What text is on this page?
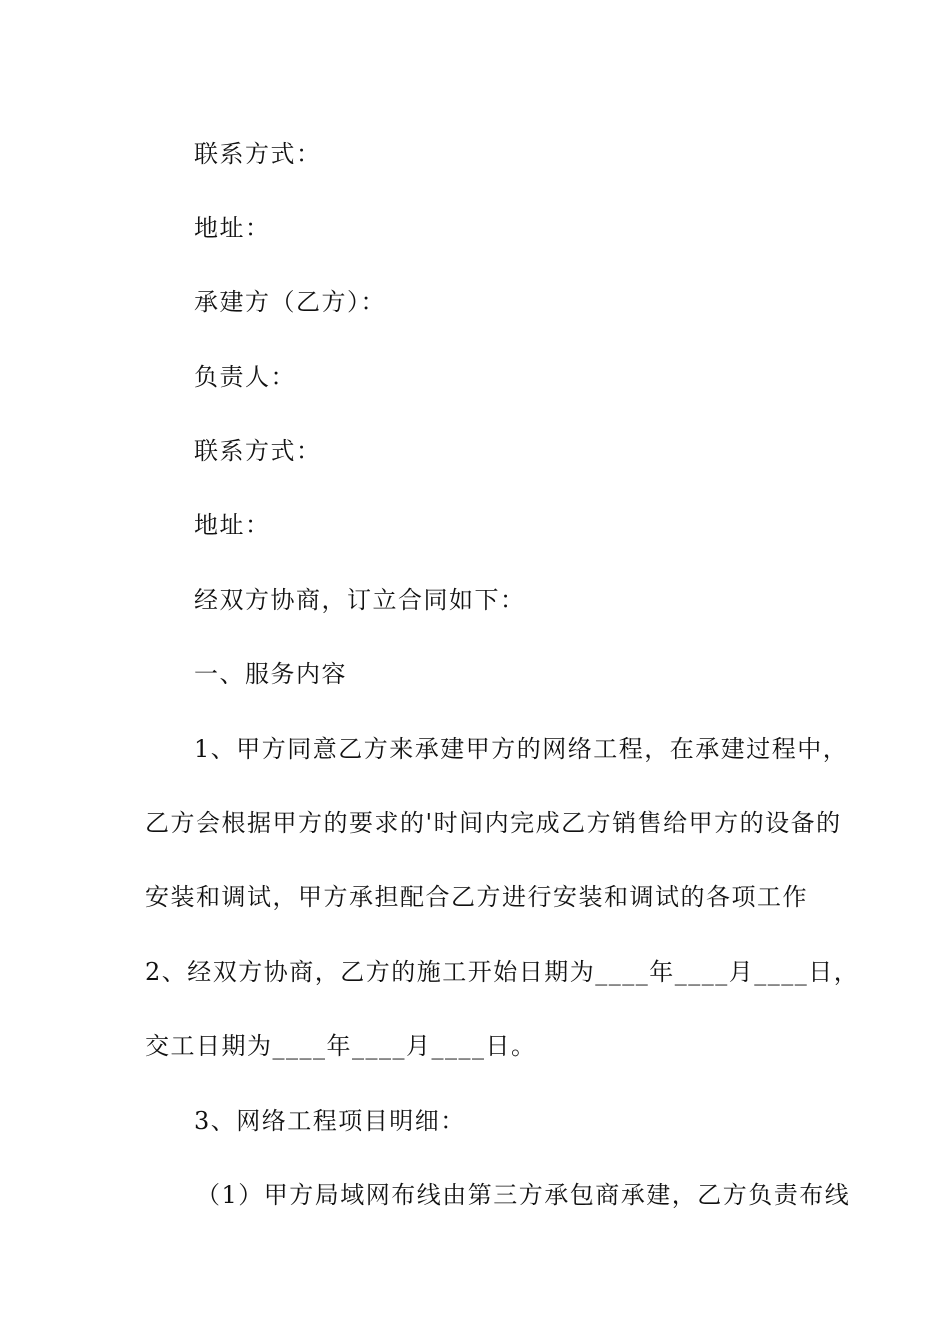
联系方式：
地址：
承建方（乙方）：
负责人：
联系方式：
地址：
经双方协商，订立合同如下：
一、服务内容
1、甲方同意乙方来承建甲方的网络工程，在承建过程中，
乙方会根据甲方的要求的'时间内完成乙方销售给甲方的设备的
安装和调试，甲方承担配合乙方进行安装和调试的各项工作
2、经双方协商，乙方的施工开始日期为____年____月____日，
交工日期为____年____月____日。
3、网络工程项目明细：
（1）甲方局域网布线由第三方承包商承建，乙方负责布线
